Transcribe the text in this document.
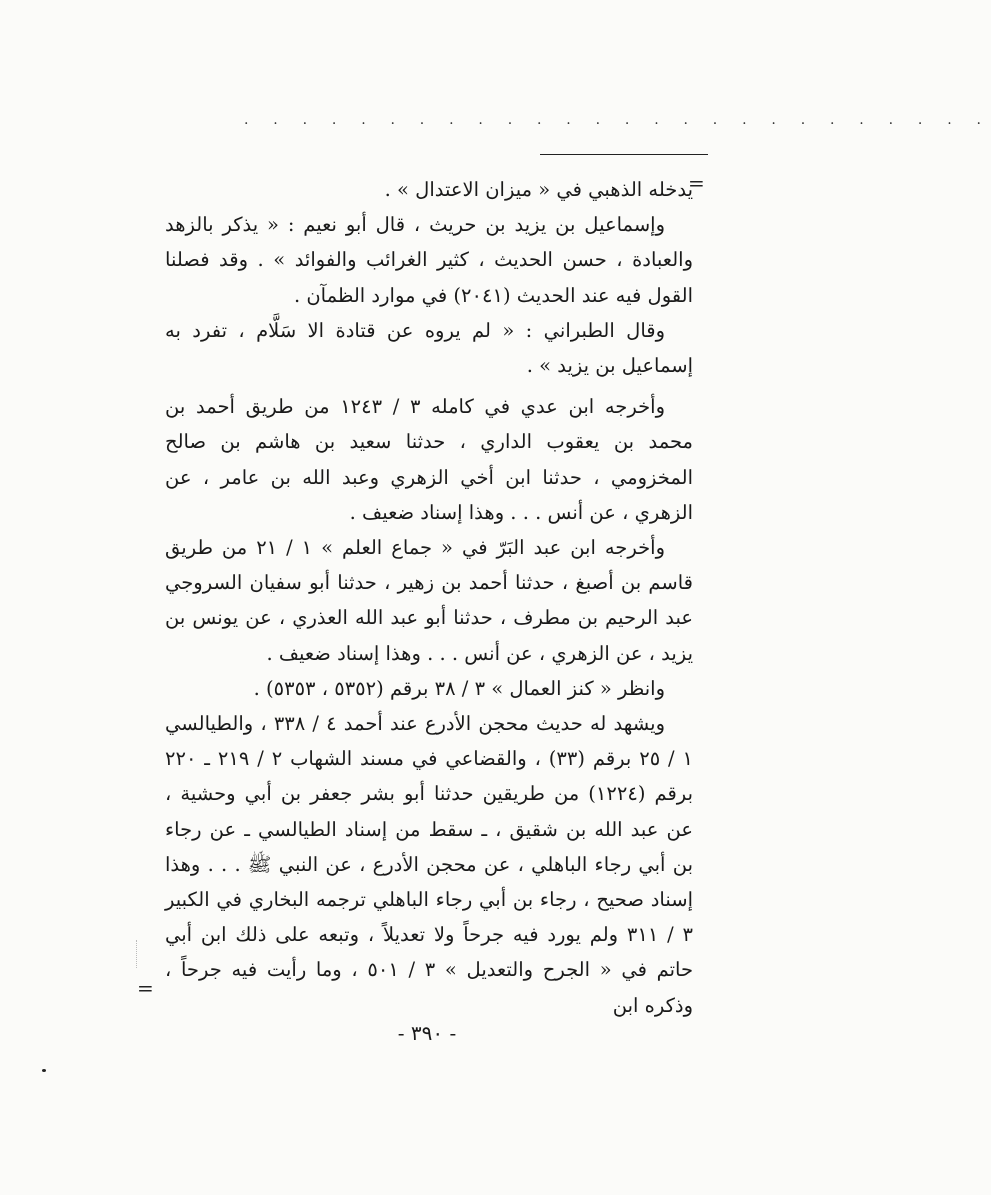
. . . . . . . . . . . . . . . . . . . . . . . . . .
=

يدخله الذهبي في « ميزان الاعتدال » .

وإسماعيل بن يزيد بن حريث ، قال أبو نعيم : « يذكر بالزهد والعبادة ، حسن الحديث ، كثير الغرائب والفوائد » . وقد فصلنا القول فيه عند الحديث (٢٠٤١) في موارد الظمآن .

وقال الطبراني : « لم يروه عن قتادة الا سَلَّام ، تفرد به إسماعيل بن يزيد » .

وأخرجه ابن عدي في كامله ٣ / ١٢٤٣ من طريق أحمد بن محمد بن يعقوب الداري ، حدثنا سعيد بن هاشم بن صالح المخزومي ، حدثنا ابن أخي الزهري وعبد الله بن عامر ، عن الزهري ، عن أنس . . . وهذا إسناد ضعيف .

وأخرجه ابن عبد البَرّ في « جماع العلم » ١ / ٢١ من طريق قاسم بن أصبغ ، حدثنا أحمد بن زهير ، حدثنا أبو سفيان السروجي عبد الرحيم بن مطرف ، حدثنا أبو عبد الله العذري ، عن يونس بن يزيد ، عن الزهري ، عن أنس . . . وهذا إسناد ضعيف .

وانظر « كنز العمال » ٣ / ٣٨ برقم (٥٣٥٢ ، ٥٣٥٣) .

ويشهد له حديث محجن الأدرع عند أحمد ٤ / ٣٣٨ ، والطيالسي ١ / ٢٥ برقم (٣٣) ، والقضاعي في مسند الشهاب ٢ / ٢١٩ ـ ٢٢٠ برقم (١٢٢٤) من طريقين حدثنا أبو بشر جعفر بن أبي وحشية ، عن عبد الله بن شقيق ، ـ سقط من إسناد الطيالسي ـ عن رجاء بن أبي رجاء الباهلي ، عن محجن الأدرع ، عن النبي ﷺ . . . وهذا إسناد صحيح ، رجاء بن أبي رجاء الباهلي ترجمه البخاري في الكبير ٣ / ٣١١ ولم يورد فيه جرحاً ولا تعديلاً ، وتبعه على ذلك ابن أبي حاتم في « الجرح والتعديل » ٣ / ٥٠١ ، وما رأيت فيه جرحاً ، وذكره ابن

=
- ٣٩٠ -
